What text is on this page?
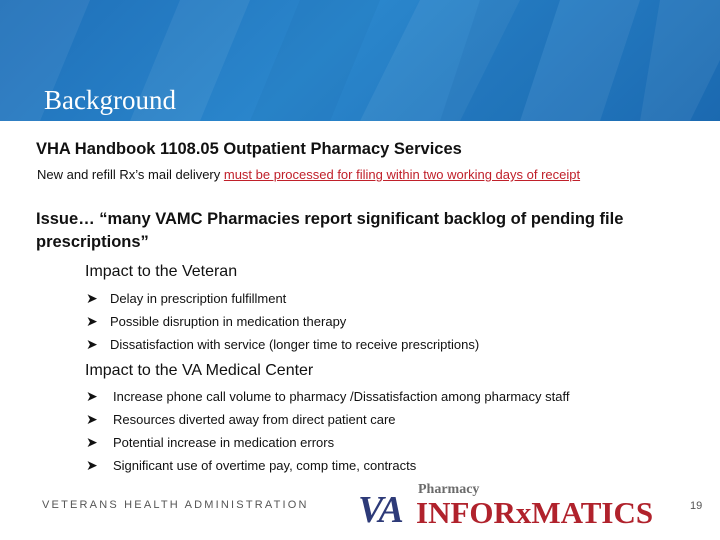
Background
VHA Handbook 1108.05 Outpatient Pharmacy Services
New and refill Rx’s mail delivery must be processed for filing within two working days of receipt
Issue… “many VAMC Pharmacies report significant backlog of pending file
prescriptions”
Impact to the Veteran
➤ Delay in prescription fulfillment
➤ Possible disruption in medication therapy
➤ Dissatisfaction with service (longer time to receive prescriptions)
Impact to the VA Medical Center
➤ Increase phone call volume to pharmacy /Dissatisfaction among pharmacy staff
➤ Resources diverted away from direct patient care
➤ Potential increase in medication errors
➤ Significant use of overtime pay, comp time, contracts
VETERANS HEALTH ADMINISTRATION
Pharmacy
VA INFORxMATICS	19
